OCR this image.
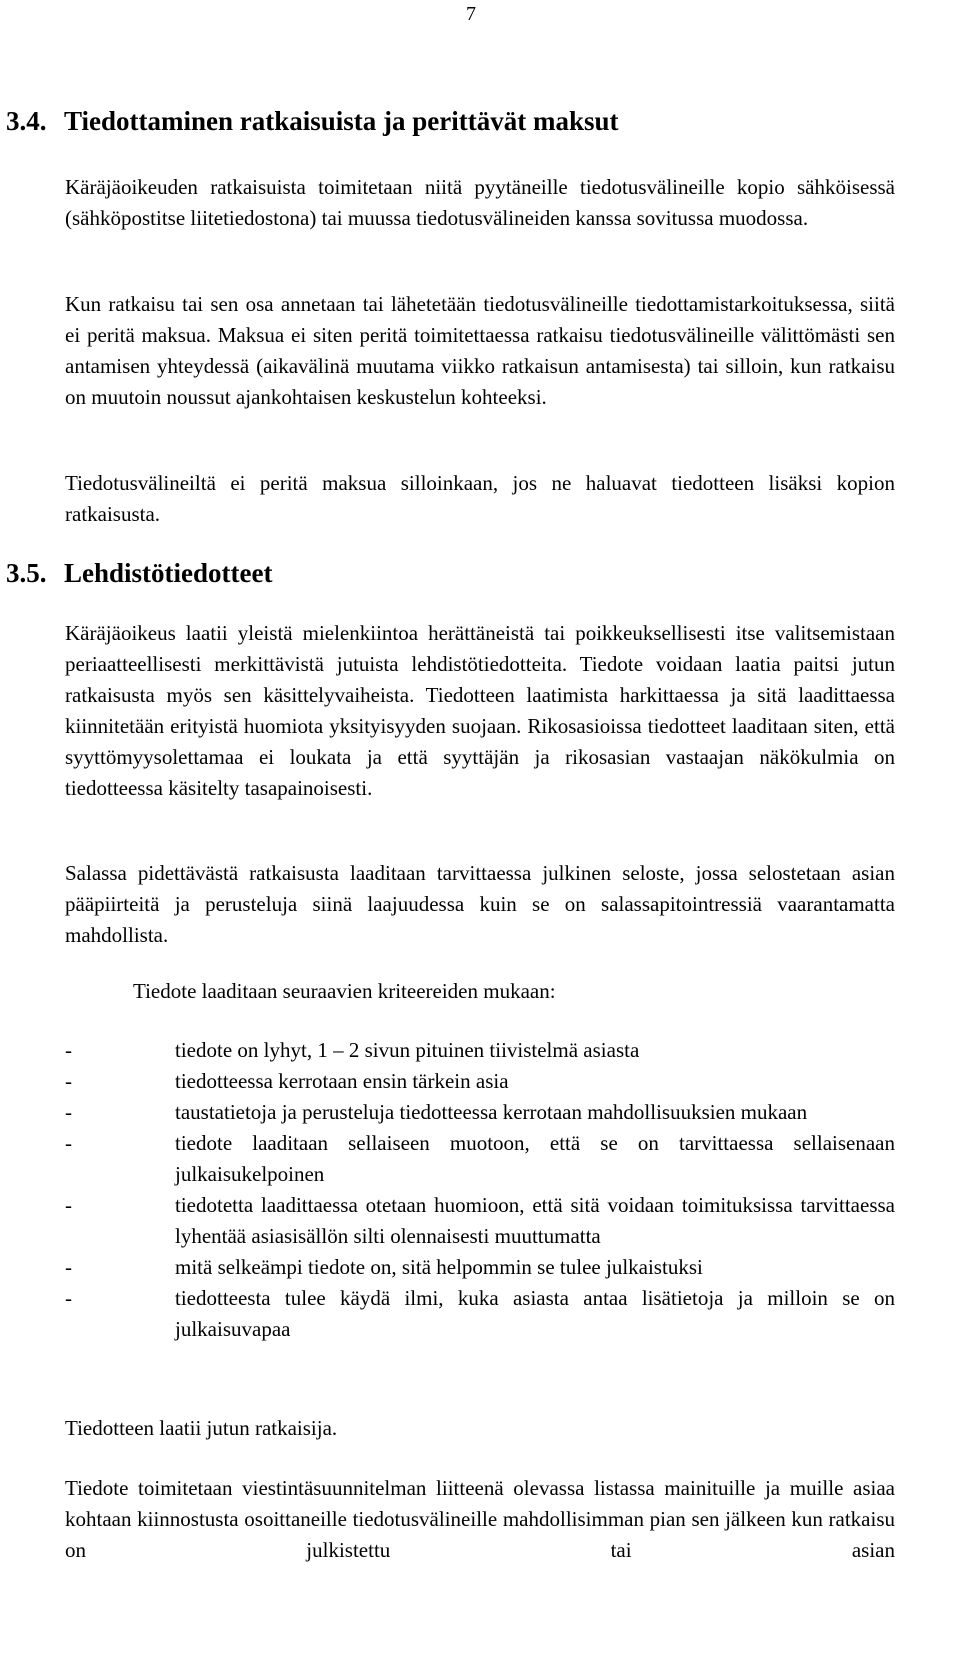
7
3.4. Tiedottaminen ratkaisuista ja perittävät maksut

Käräjäoikeuden ratkaisuista toimitetaan niitä pyytäneille tiedotusvälineille kopio sähköisessä (sähköpostitse liitetiedostona) tai muussa tiedotusvälineiden kanssa sovitussa muodossa.

Kun ratkaisu tai sen osa annetaan tai lähetetään tiedotusvälineille tiedottamistarkoituksessa, siitä ei peritä maksua. Maksua ei siten peritä toimitettaessa ratkaisu tiedotusvälineille välittömästi sen antamisen yhteydessä (aikavälinä muutama viikko ratkaisun antamisesta) tai silloin, kun ratkaisu on muutoin noussut ajankohtaisen keskustelun kohteeksi.

Tiedotusvälineiltä ei peritä maksua silloinkaan, jos ne haluavat tiedotteen lisäksi kopion ratkaisusta.

3.5. Lehdistötiedotteet

Käräjäoikeus laatii yleistä mielenkiintoa herättäneistä tai poikkeuksellisesti itse valitsemistaan periaatteellisesti merkittävistä jutuista lehdistötiedotteita. Tiedote voidaan laatia paitsi jutun ratkaisusta myös sen käsittelyvaiheista. Tiedotteen laatimista harkittaessa ja sitä laadittaessa kiinnitetään erityistä huomiota yksityisyyden suojaan. Rikosasioissa tiedotteet laaditaan siten, että syyttömyysolettamaa ei loukata ja että syyttäjän ja rikosasian vastaajan näkökulmia on tiedotteessa käsitelty tasapainoisesti.

Salassa pidettävästä ratkaisusta laaditaan tarvittaessa julkinen seloste, jossa selostetaan asian pääpiirteitä ja perusteluja siinä laajuudessa kuin se on salassapitointressiä vaarantamatta mahdollista.

Tiedote laaditaan seuraavien kriteereiden mukaan:
-	tiedote on lyhyt, 1 – 2 sivun pituinen tiivistelmä asiasta
-	tiedotteessa kerrotaan ensin tärkein asia
-	taustatietoja ja perusteluja tiedotteessa kerrotaan mahdollisuuksien mukaan
-	tiedote laaditaan sellaiseen muotoon, että se on tarvittaessa sellaisenaan julkaisukelpoinen
-	tiedotetta laadittaessa otetaan huomioon, että sitä voidaan toimituksissa tarvittaessa lyhentää asiasisällön silti olennaisesti muuttumatta
-	mitä selkeämpi tiedote on, sitä helpommin se tulee julkaistuksi
-	tiedotteesta tulee käydä ilmi, kuka asiasta antaa lisätietoja ja milloin se on julkaisuvapaa

Tiedotteen laatii jutun ratkaisija.

Tiedote toimitetaan viestintäsuunnitelman liitteenä olevassa listassa mainituille ja muille asiaa kohtaan kiinnostusta osoittaneille tiedotusvälineille mahdollisimman pian sen jälkeen kun ratkaisu on julkistettu tai asian
